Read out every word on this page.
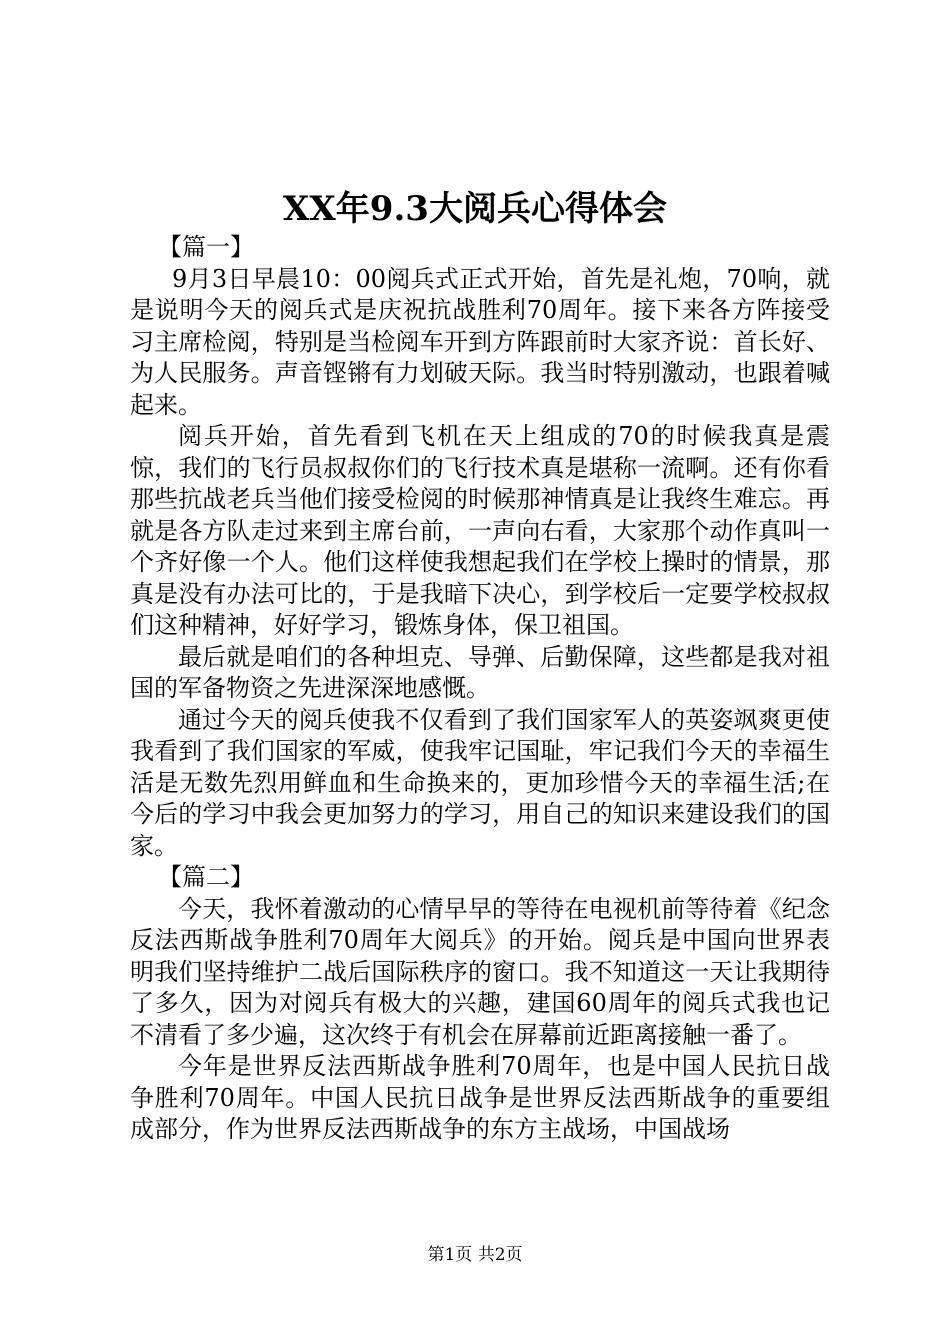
XX年9.3大阅兵心得体会

【篇一】

9月3日早晨10：00阅兵式正式开始，首先是礼炮，70响，就是说明今天的阅兵式是庆祝抗战胜利70周年。接下来各方阵接受习主席检阅，特别是当检阅车开到方阵跟前时大家齐说：首长好、为人民服务。声音铿锵有力划破天际。我当时特别激动，也跟着喊起来。

阅兵开始，首先看到飞机在天上组成的70的时候我真是震惊，我们的飞行员叔叔你们的飞行技术真是堪称一流啊。还有你看那些抗战老兵当他们接受检阅的时候那神情真是让我终生难忘。再就是各方队走过来到主席台前，一声向右看，大家那个动作真叫一个齐好像一个人。他们这样使我想起我们在学校上操时的情景，那真是没有办法可比的，于是我暗下决心，到学校后一定要学校叔叔们这种精神，好好学习，锻炼身体，保卫祖国。

最后就是咱们的各种坦克、导弹、后勤保障，这些都是我对祖国的军备物资之先进深深地感慨。

通过今天的阅兵使我不仅看到了我们国家军人的英姿飒爽更使我看到了我们国家的军威，使我牢记国耻，牢记我们今天的幸福生活是无数先烈用鲜血和生命换来的，更加珍惜今天的幸福生活;在今后的学习中我会更加努力的学习，用自己的知识来建设我们的国家。

【篇二】

今天，我怀着激动的心情早早的等待在电视机前等待着《纪念反法西斯战争胜利70周年大阅兵》的开始。阅兵是中国向世界表明我们坚持维护二战后国际秩序的窗口。我不知道这一天让我期待了多久，因为对阅兵有极大的兴趣，建国60周年的阅兵式我也记不清看了多少遍，这次终于有机会在屏幕前近距离接触一番了。

今年是世界反法西斯战争胜利70周年，也是中国人民抗日战争胜利70周年。中国人民抗日战争是世界反法西斯战争的重要组成部分，作为世界反法西斯战争的东方主战场，中国战场

第1页 共2页
